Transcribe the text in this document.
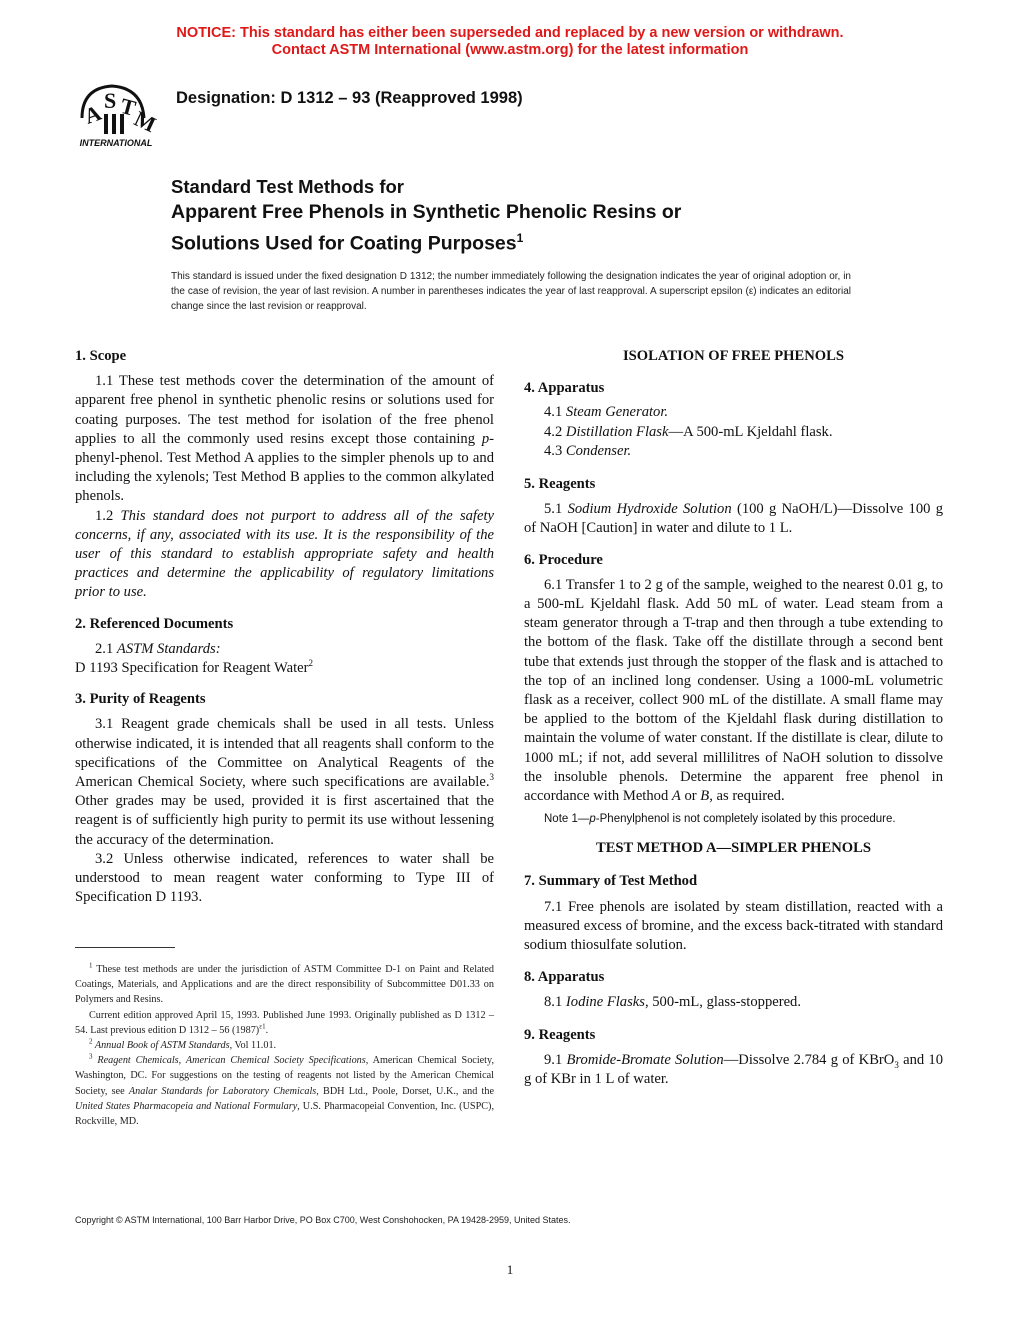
NOTICE: This standard has either been superseded and replaced by a new version or withdrawn.
Contact ASTM International (www.astm.org) for the latest information
A S T
M
INTERNATIONAL
Designation: D 1312 – 93 (Reapproved 1998)
Standard Test Methods for
Apparent Free Phenols in Synthetic Phenolic Resins or
Solutions Used for Coating Purposes$^1$
This standard is issued under the fixed designation D 1312; the number immediately following the designation indicates the year of original adoption or, in the case of revision, the year of last revision. A number in parentheses indicates the year of last reapproval. A superscript epsilon (ε) indicates an editorial change since the last revision or reapproval.
1. Scope

1.1 These test methods cover the determination of the amount of apparent free phenol in synthetic phenolic resins or solutions used for coating purposes. The test method for isolation of the free phenol applies to all the commonly used resins except those containing p-phenyl-phenol. Test Method A applies to the simpler phenols up to and including the xylenols; Test Method B applies to the common alkylated phenols.

1.2 This standard does not purport to address all of the safety concerns, if any, associated with its use. It is the responsibility of the user of this standard to establish appropriate safety and health practices and determine the applicability of regulatory limitations prior to use.

2. Referenced Documents

2.1 ASTM Standards:

D 1193 Specification for Reagent Water$^2$

3. Purity of Reagents

3.1 Reagent grade chemicals shall be used in all tests. Unless otherwise indicated, it is intended that all reagents shall conform to the specifications of the Committee on Analytical Reagents of the American Chemical Society, where such specifications are available.$^3$ Other grades may be used, provided it is first ascertained that the reagent is of sufficiently high purity to permit its use without lessening the accuracy of the determination.

3.2 Unless otherwise indicated, references to water shall be understood to mean reagent water conforming to Type III of Specification D 1193.

$^1$ These test methods are under the jurisdiction of ASTM Committee D-1 on Paint and Related Coatings, Materials, and Applications and are the direct responsibility of Subcommittee D01.33 on Polymers and Resins.

Current edition approved April 15, 1993. Published June 1993. Originally published as D 1312 – 54. Last previous edition D 1312 – 56 $(1987)^{\varepsilon 1}$.

$^2$ Annual Book of ASTM Standards, Vol 11.01.

$^3$ Reagent Chemicals, American Chemical Society Specifications, American Chemical Society, Washington, DC. For suggestions on the testing of reagents not listed by the American Chemical Society, see Analar Standards for Laboratory Chemicals, BDH Ltd., Poole, Dorset, U.K., and the United States Pharmacopeia and National Formulary, U.S. Pharmacopeial Convention, Inc. (USPC), Rockville, MD.

ISOLATION OF FREE PHENOLS
4. Apparatus

4.1 Steam Generator.

4.2 Distillation Flask—A 500-mL Kjeldahl flask.

4.3 Condenser.

5. Reagents

5.1 Sodium Hydroxide Solution (100 g NaOH/L)—Dissolve 100 g of NaOH [Caution] in water and dilute to 1 L.

6. Procedure

6.1 Transfer 1 to 2 g of the sample, weighed to the nearest 0.01 g, to a 500-mL Kjeldahl flask. Add 50 mL of water. Lead steam from a steam generator through a T-trap and then through a tube extending to the bottom of the flask. Take off the distillate through a second bent tube that extends just through the stopper of the flask and is attached to the top of an inclined long condenser. Using a 1000-mL volumetric flask as a receiver, collect 900 mL of the distillate. A small flame may be applied to the bottom of the Kjeldahl flask during distillation to maintain the volume of water constant. If the distillate is clear, dilute to 1000 mL; if not, add several millilitres of NaOH solution to dissolve the insoluble phenols. Determine the apparent free phenol in accordance with Method A or B, as required.

Note 1—p-Phenylphenol is not completely isolated by this procedure.

TEST METHOD A—SIMPLER PHENOLS
7. Summary of Test Method

7.1 Free phenols are isolated by steam distillation, reacted with a measured excess of bromine, and the excess back-titrated with standard sodium thiosulfate solution.

8. Apparatus

8.1 Iodine Flasks, 500-mL, glass-stoppered.

9. Reagents

9.1 Bromide-Bromate Solution—Dissolve 2.784 g of KBrO$_3$ and 10 g of KBr in 1 L of water.

Copyright © ASTM International, 100 Barr Harbor Drive, PO Box C700, West Conshohocken, PA 19428-2959, United States.
1
